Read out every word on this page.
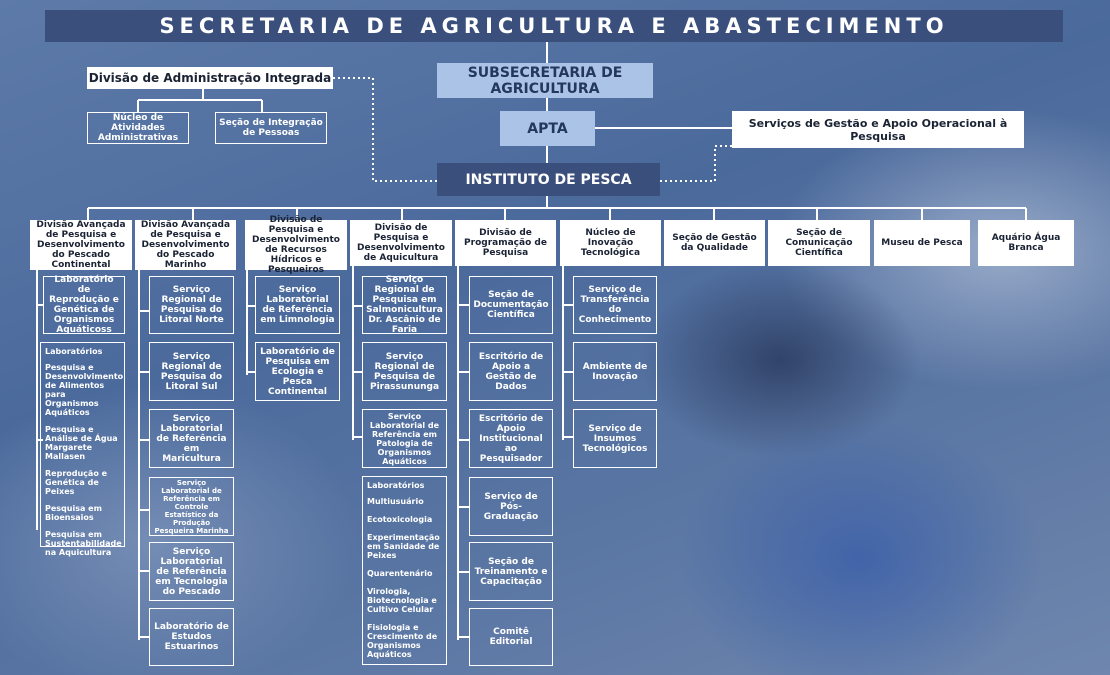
SECRETARIA DE AGRICULTURA E ABASTECIMENTO
Divisão de Administração Integrada
Núcleo de Atividades Administrativas
Seção de Integração de Pessoas
SUBSECRETARIA DE AGRICULTURA
APTA	Serviços de Gestão e Apoio Operacional à Pesquisa
INSTITUTO DE PESCA
Divisão Avançada de Pesquisa e Desenvolvimento do Pescado Continental
Divisão Avançada de Pesquisa e Desenvolvimento do Pescado Marinho
Divisão de Pesquisa e Desenvolvimento de Recursos Hídricos e Pesqueiros
Divisão de Pesquisa e Desenvolvimento de Aquicultura
Divisão de Programação de Pesquisa
Núcleo de Inovação Tecnológica
Seção de Gestão da Qualidade
Seção de Comunicação Científica
Museu de Pesca	Aquário Água Branca
Laboratório de Reprodução e Genética de Organismos Aquáticoss
Laboratórios
Pesquisa e Desenvolvimento de Alimentos para Organismos Aquáticos
Pesquisa e Análise de Água Margarete Mallasen
Reprodução e Genética de Peixes
Pesquisa em Bioensaios
Pesquisa em Sustentabilidade na Aquicultura
Serviço Regional de Pesquisa do Litoral Norte
Serviço Regional de Pesquisa do Litoral Sul
Serviço Laboratorial de Referência em Maricultura
Serviço Laboratorial de Referência em Controle Estatístico da Produção Pesqueira Marinha
Serviço Laboratorial de Referência em Tecnologia do Pescado
Laboratório de Estudos Estuarinos
Serviço Laboratorial de Referência em Limnologia
Laboratório de Pesquisa em Ecologia e Pesca Continental
Serviço Regional de Pesquisa em Salmonicultura Dr. Ascânio de Faria
Serviço Regional de Pesquisa de Pirassununga
Serviço Laboratorial de Referência em Patologia de Organismos Aquáticos
Laboratórios
Multiusuário
Ecotoxicologia
Experimentação em Sanidade de Peixes
Quarentenário
Virologia, Biotecnologia e Cultivo Celular
Fisiologia e Crescimento de Organismos Aquáticos
Seção de Documentação Científica
Escritório de Apoio a Gestão de Dados
Escritório de Apoio Institucional ao Pesquisador
Serviço de Pós-Graduação
Seção de Treinamento e Capacitação
Comitê Editorial
Serviço de Transferência do Conhecimento
Ambiente de Inovação
Serviço de Insumos Tecnológicos
